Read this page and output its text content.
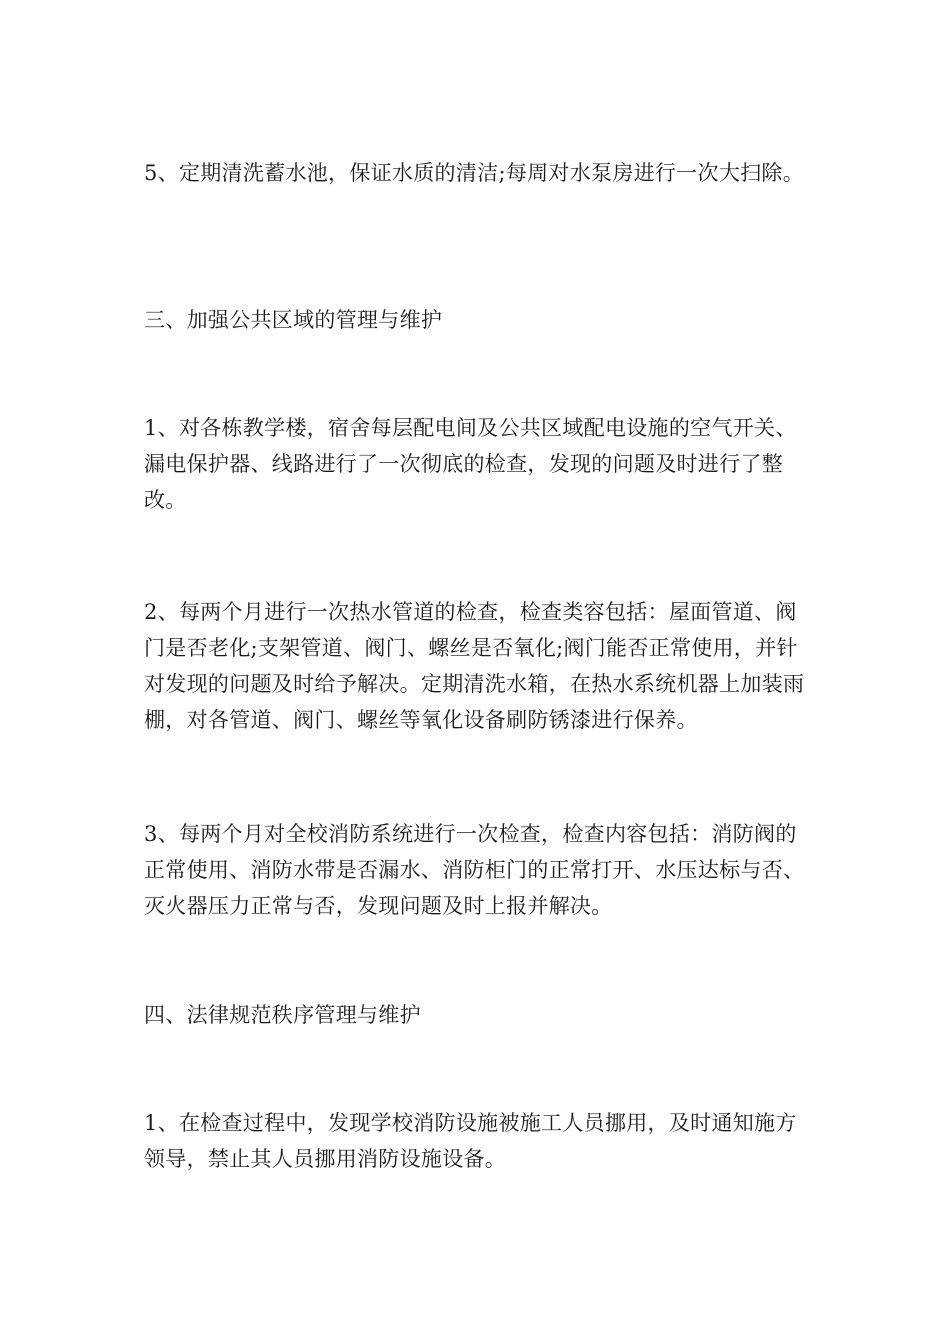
5、定期清洗蓄水池，保证水质的清洁;每周对水泵房进行一次大扫除。

三、加强公共区域的管理与维护

1、对各栋教学楼，宿舍每层配电间及公共区域配电设施的空气开关、漏电保护器、线路进行了一次彻底的检查，发现的问题及时进行了整改。

2、每两个月进行一次热水管道的检查，检查类容包括：屋面管道、阀门是否老化;支架管道、阀门、螺丝是否氧化;阀门能否正常使用，并针对发现的问题及时给予解决。定期清洗水箱，在热水系统机器上加装雨棚，对各管道、阀门、螺丝等氧化设备刷防锈漆进行保养。

3、每两个月对全校消防系统进行一次检查，检查内容包括：消防阀的正常使用、消防水带是否漏水、消防柜门的正常打开、水压达标与否、灭火器压力正常与否，发现问题及时上报并解决。

四、法律规范秩序管理与维护

1、在检查过程中，发现学校消防设施被施工人员挪用，及时通知施方领导，禁止其人员挪用消防设施设备。
